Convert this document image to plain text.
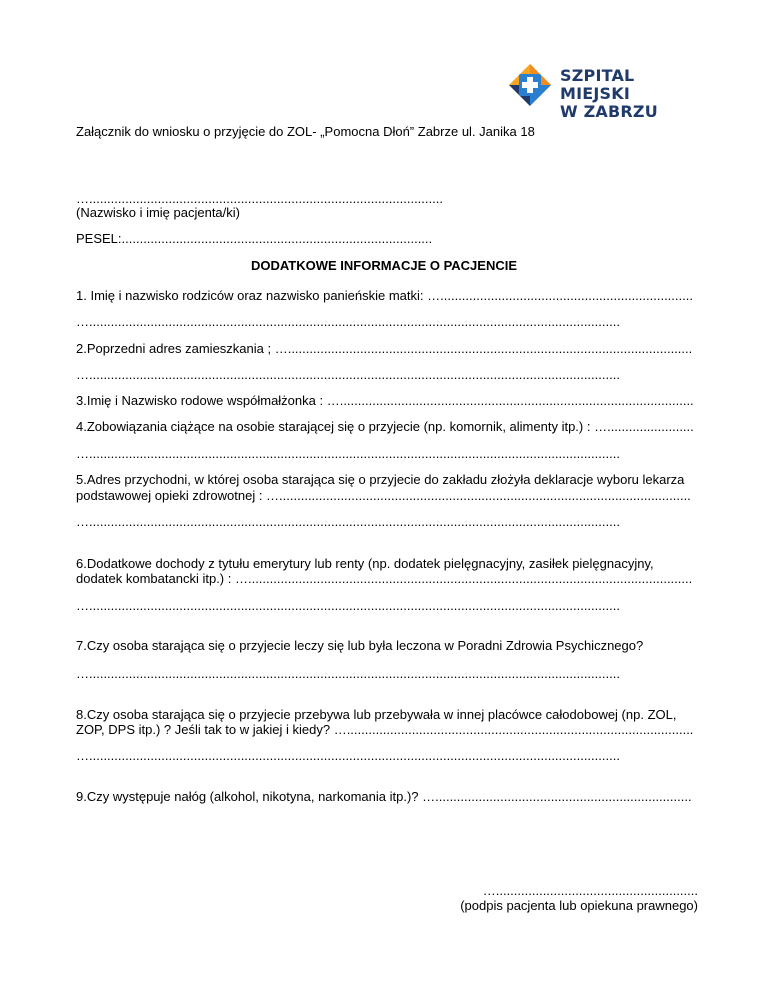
SZPITAL MIEJSKI
W ZABRZU
Załącznik do wniosku o przyjęcie do ZOL- „Pomocna Dłoń” Zabrze ul. Janika 18
…..................................................................................................
(Nazwisko i imię pacjenta/ki)
PESEL:......................................................................................
DODATKOWE INFORMACJE O PACJENCIE
1. Imię i nazwisko rodziców oraz nazwisko panieńskie matki: …......................................................................
…...................................................................................................................................................
2.Poprzedni adres zamieszkania ; …................................................................................................................
…...................................................................................................................................................
3.Imię i Nazwisko rodowe współmałżonka : …..................................................................................................
4.Zobowiązania ciążące na osobie starającej się o przyjecie (np. komornik, alimenty itp.) : …........................
…...................................................................................................................................................
5.Adres przychodni, w której osoba starająca się o przyjecie do zakładu złożyła deklaracje wyboru lekarza
podstawowej opieki zdrowotnej : …..................................................................................................................
…...................................................................................................................................................
6.Dodatkowe dochody z tytułu emerytury lub renty (np. dodatek pielęgnacyjny, zasiłek pielęgnacyjny,
dodatek kombatancki itp.) : …...........................................................................................................................
…...................................................................................................................................................
7.Czy osoba starająca się o przyjecie leczy się lub była leczona w Poradni Zdrowia Psychicznego?
…...................................................................................................................................................
8.Czy osoba starająca się o przyjecie przebywa lub przebywała w innej placówce całodobowej (np. ZOL,
ZOP, DPS itp.) ? Jeśli tak to w jakiej i kiedy? …................................................................................................
…...................................................................................................................................................
9.Czy występuje nałóg (alkohol, nikotyna, narkomania itp.)? ….......................................................................
…........................................................
(podpis pacjenta lub opiekuna prawnego)
